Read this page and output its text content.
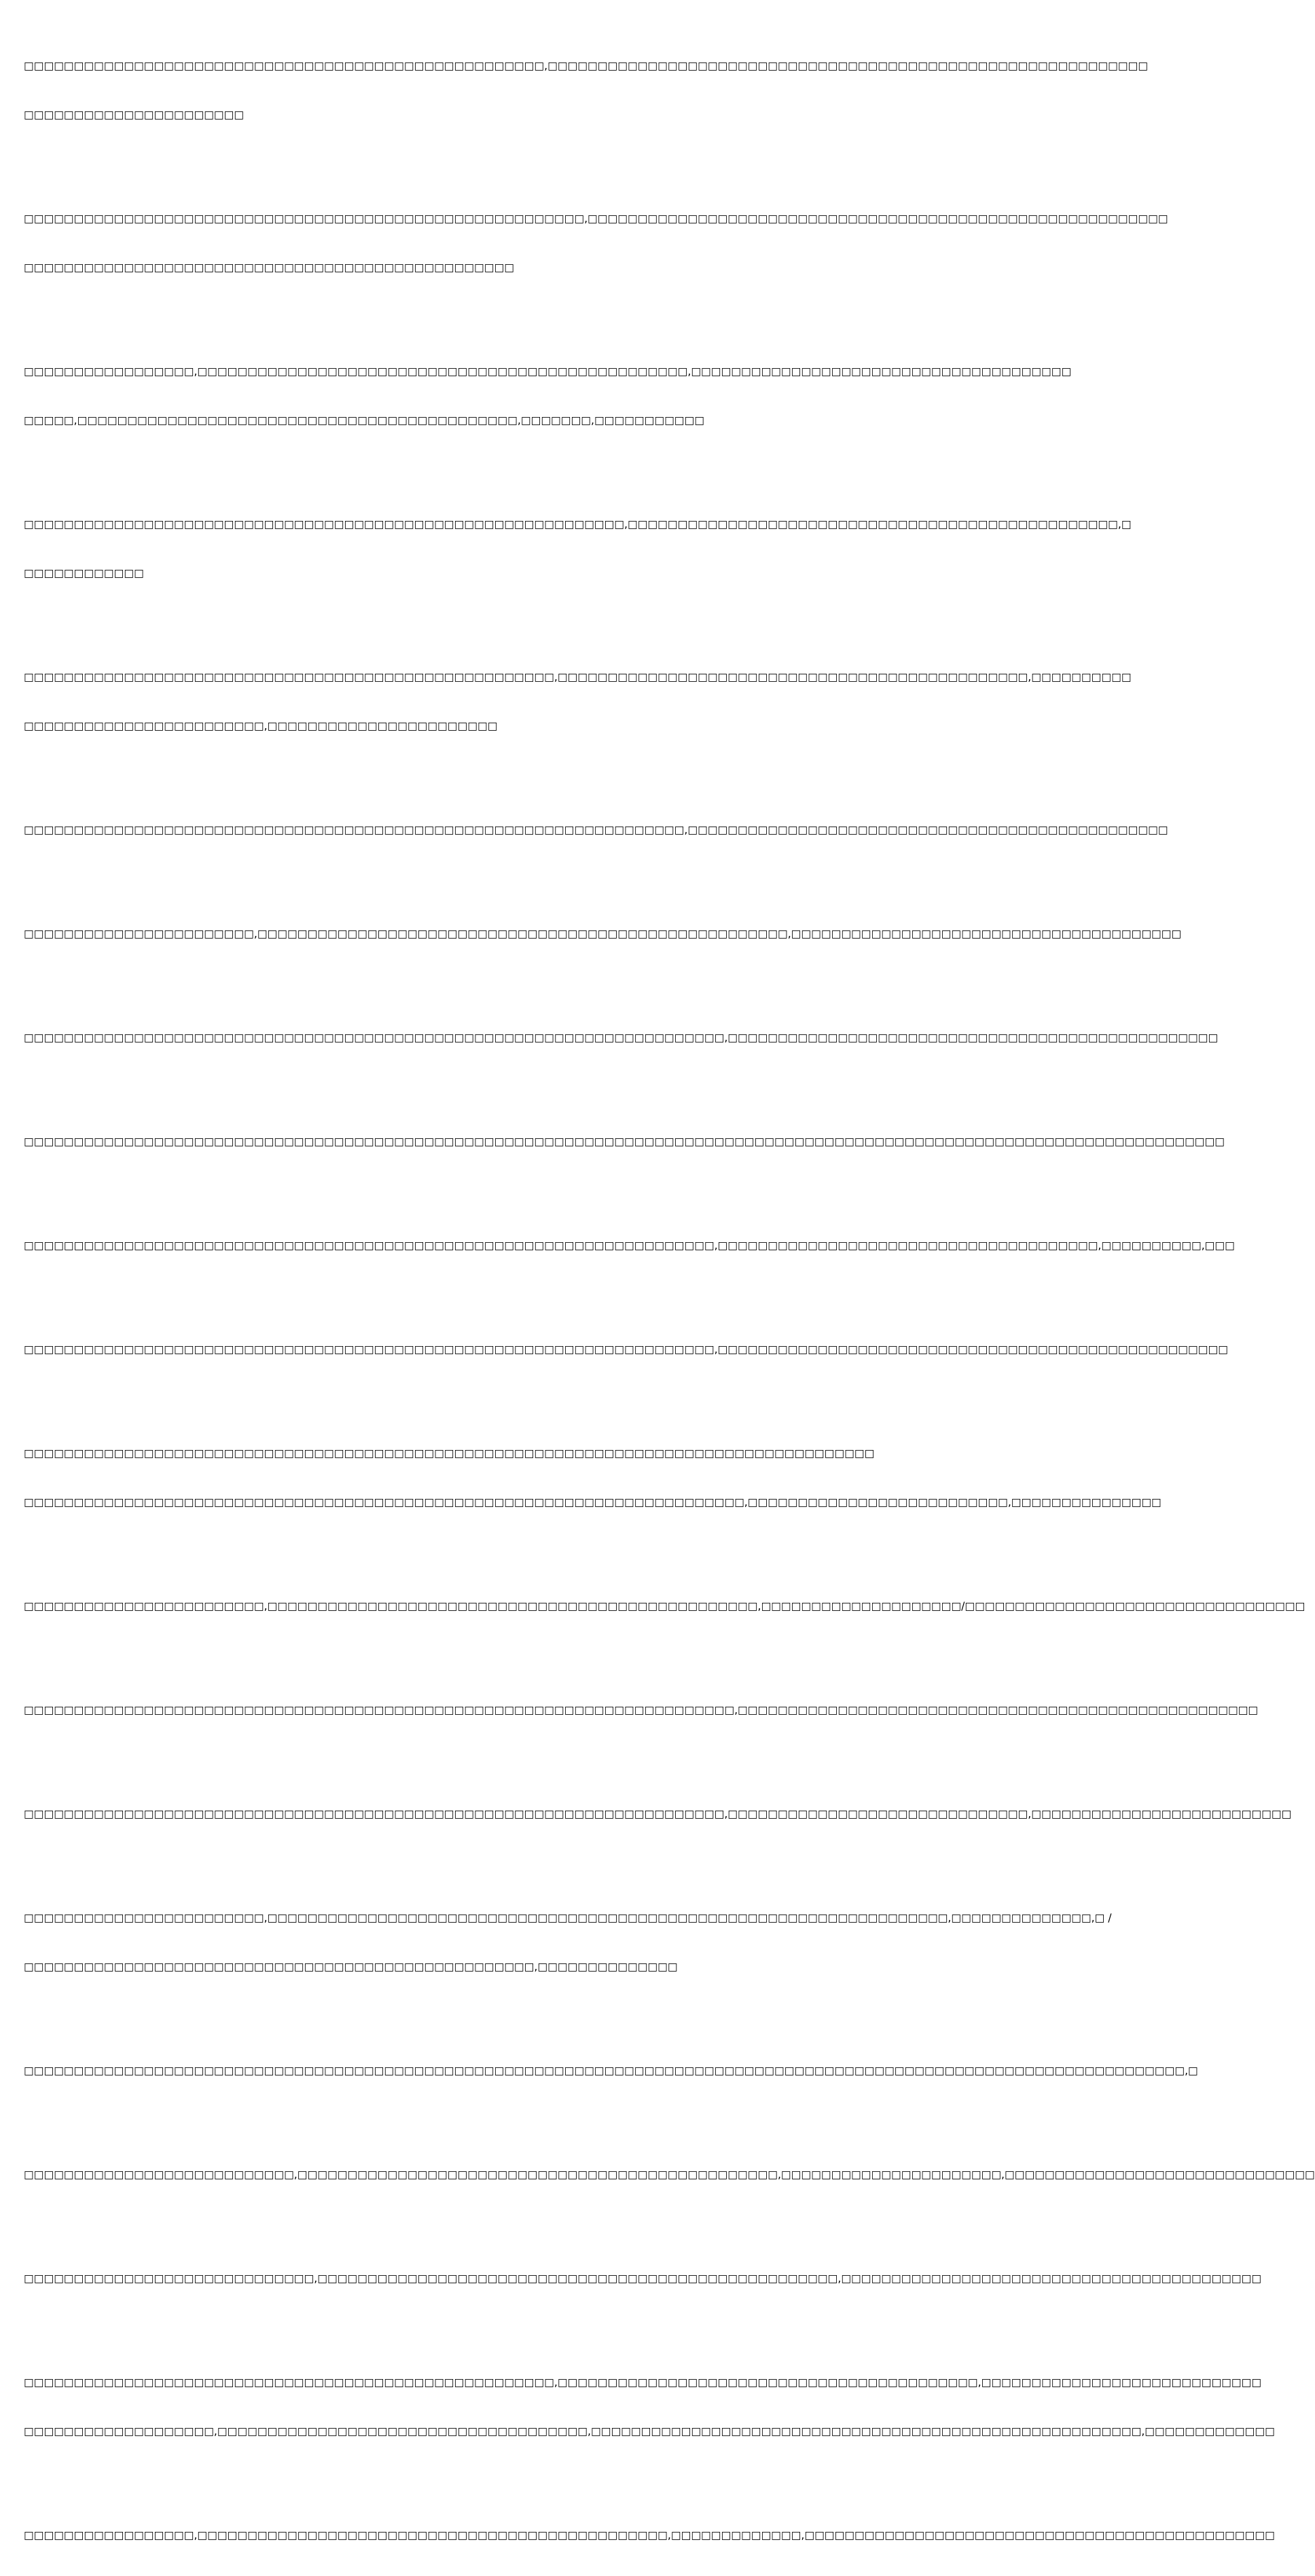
□□□□□□□□□□□□□□□□□□□□□□□□□□□□□□□□□□□□□□□□□□□□□□□□□□□□,□□□□□□□□□□□□□□□□□□□□□□□□□□□□□□□□□□□□□□□□□□□□□□□□□□□□□□□□□□□□

□□□□□□□□□□□□□□□□□□□□□□

□□□□□□□□□□□□□□□□□□□□□□□□□□□□□□□□□□□□□□□□□□□□□□□□□□□□□□□□,□□□□□□□□□□□□□□□□□□□□□□□□□□□□□□□□□□□□□□□□□□□□□□□□□□□□□□□□□□

□□□□□□□□□□□□□□□□□□□□□□□□□□□□□□□□□□□□□□□□□□□□□□□□□

□□□□□□□□□□□□□□□□□,□□□□□□□□□□□□□□□□□□□□□□□□□□□□□□□□□□□□□□□□□□□□□□□□□,□□□□□□□□□□□□□□□□□□□□□□□□□□□□□□□□□□□□□□

□□□□□,□□□□□□□□□□□□□□□□□□□□□□□□□□□□□□□□□□□□□□□□□□□□,□□□□□□□,□□□□□□□□□□□

□□□□□□□□□□□□□□□□□□□□□□□□□□□□□□□□□□□□□□□□□□□□□□□□□□□□□□□□□□□□,□□□□□□□□□□□□□□□□□□□□□□□□□□□□□□□□□□□□□□□□□□□□□□□□□,□

□□□□□□□□□□□□

□□□□□□□□□□□□□□□□□□□□□□□□□□□□□□□□□□□□□□□□□□□□□□□□□□□□□,□□□□□□□□□□□□□□□□□□□□□□□□□□□□□□□□□□□□□□□□□□□□□□□,□□□□□□□□□□

□□□□□□□□□□□□□□□□□□□□□□□□,□□□□□□□□□□□□□□□□□□□□□□□

□□□□□□□□□□□□□□□□□□□□□□□□□□□□□□□□□□□□□□□□□□□□□□□□□□□□□□□□□□□□□□□□□□,□□□□□□□□□□□□□□□□□□□□□□□□□□□□□□□□□□□□□□□□□□□□□□□□

□□□□□□□□□□□□□□□□□□□□□□□,□□□□□□□□□□□□□□□□□□□□□□□□□□□□□□□□□□□□□□□□□□□□□□□□□□□□□,□□□□□□□□□□□□□□□□□□□□□□□□□□□□□□□□□□□□□□□

□□□□□□□□□□□□□□□□□□□□□□□□□□□□□□□□□□□□□□□□□□□□□□□□□□□□□□□□□□□□□□□□□□□□□□,□□□□□□□□□□□□□□□□□□□□□□□□□□□□□□□□□□□□□□□□□□□□□□□□□

□□□□□□□□□□□□□□□□□□□□□□□□□□□□□□□□□□□□□□□□□□□□□□□□□□□□□□□□□□□□□□□□□□□□□□□□□□□□□□□□□□□□□□□□□□□□□□□□□□□□□□□□□□□□□□□□□□□□□□□□

□□□□□□□□□□□□□□□□□□□□□□□□□□□□□□□□□□□□□□□□□□□□□□□□□□□□□□□□□□□□□□□□□□□□□,□□□□□□□□□□□□□□□□□□□□□□□□□□□□□□□□□□□□□□,□□□□□□□□□□,□□□

□□□□□□□□□□□□□□□□□□□□□□□□□□□□□□□□□□□□□□□□□□□□□□□□□□□□□□□□□□□□□□□□□□□□□,□□□□□□□□□□□□□□□□□□□□□□□□□□□□□□□□□□□□□□□□□□□□□□□□□□□

□□□□□□□□□□□□□□□□□□□□□□□□□□□□□□□□□□□□□□□□□□□□□□□□□□□□□□□□□□□□□□□□□□□□□□□□□□□□□□□□□□□□□

□□□□□□□□□□□□□□□□□□□□□□□□□□□□□□□□□□□□□□□□□□□□□□□□□□□□□□□□□□□□□□□□□□□□□□□□,□□□□□□□□□□□□□□□□□□□□□□□□□□,□□□□□□□□□□□□□□□

□□□□□□□□□□□□□□□□□□□□□□□□,□□□□□□□□□□□□□□□□□□□□□□□□□□□□□□□□□□□□□□□□□□□□□□□□□,□□□□□□□□□□□□□□□□□□□□/□□□□□□□□□□□□□□□□□□□□□□□□□□□□□□□□□□

□□□□□□□□□□□□□□□□□□□□□□□□□□□□□□□□□□□□□□□□□□□□□□□□□□□□□□□□□□□□□□□□□□□□□□□,□□□□□□□□□□□□□□□□□□□□□□□□□□□□□□□□□□□□□□□□□□□□□□□□□□□□

□□□□□□□□□□□□□□□□□□□□□□□□□□□□□□□□□□□□□□□□□□□□□□□□□□□□□□□□□□□□□□□□□□□□□□,□□□□□□□□□□□□□□□□□□□□□□□□□□□□□□,□□□□□□□□□□□□□□□□□□□□□□□□□□

□□□□□□□□□□□□□□□□□□□□□□□□,□□□□□□□□□□□□□□□□□□□□□□□□□□□□□□□□□□□□□□□□□□□□□□□□□□□□□□□□□□□□□□□□□□□□,□□□□□□□□□□□□□□,□ /

□□□□□□□□□□□□□□□□□□□□□□□□□□□□□□□□□□□□□□□□□□□□□□□□□□□,□□□□□□□□□□□□□□

□□□□□□□□□□□□□□□□□□□□□□□□□□□□□□□□□□□□□□□□□□□□□□□□□□□□□□□□□□□□□□□□□□□□□□□□□□□□□□□□□□□□□□□□□□□□□□□□□□□□□□□□□□□□□□□□□□□□,□

□□□□□□□□□□□□□□□□□□□□□□□□□□□,□□□□□□□□□□□□□□□□□□□□□□□□□□□□□□□□□□□□□□□□□□□□□□□□,□□□□□□□□□□□□□□□□□□□□□□,□□□□□□□□□□□□□□□□□□□□□□□□□□□□□□□

□□□□□□□□□□□□□□□□□□□□□□□□□□□□□,□□□□□□□□□□□□□□□□□□□□□□□□□□□□□□□□□□□□□□□□□□□□□□□□□□□□,□□□□□□□□□□□□□□□□□□□□□□□□□□□□□□□□□□□□□□□□□□

□□□□□□□□□□□□□□□□□□□□□□□□□□□□□□□□□□□□□□□□□□□□□□□□□□□□□,□□□□□□□□□□□□□□□□□□□□□□□□□□□□□□□□□□□□□□□□□□,□□□□□□□□□□□□□□□□□□□□□□□□□□□□

□□□□□□□□□□□□□□□□□□□,□□□□□□□□□□□□□□□□□□□□□□□□□□□□□□□□□□□□□,□□□□□□□□□□□□□□□□□□□□□□□□□□□□□□□□□□□□□□□□□□□□□□□□□□□□□□□,□□□□□□□□□□□□□

□□□□□□□□□□□□□□□□□,□□□□□□□□□□□□□□□□□□□□□□□□□□□□□□□□□□□□□□□□□□□□□□□,□□□□□□□□□□□□□,□□□□□□□□□□□□□□□□□□□□□□□□□□□□□□□□□□□□□□□□□□□□□□□
